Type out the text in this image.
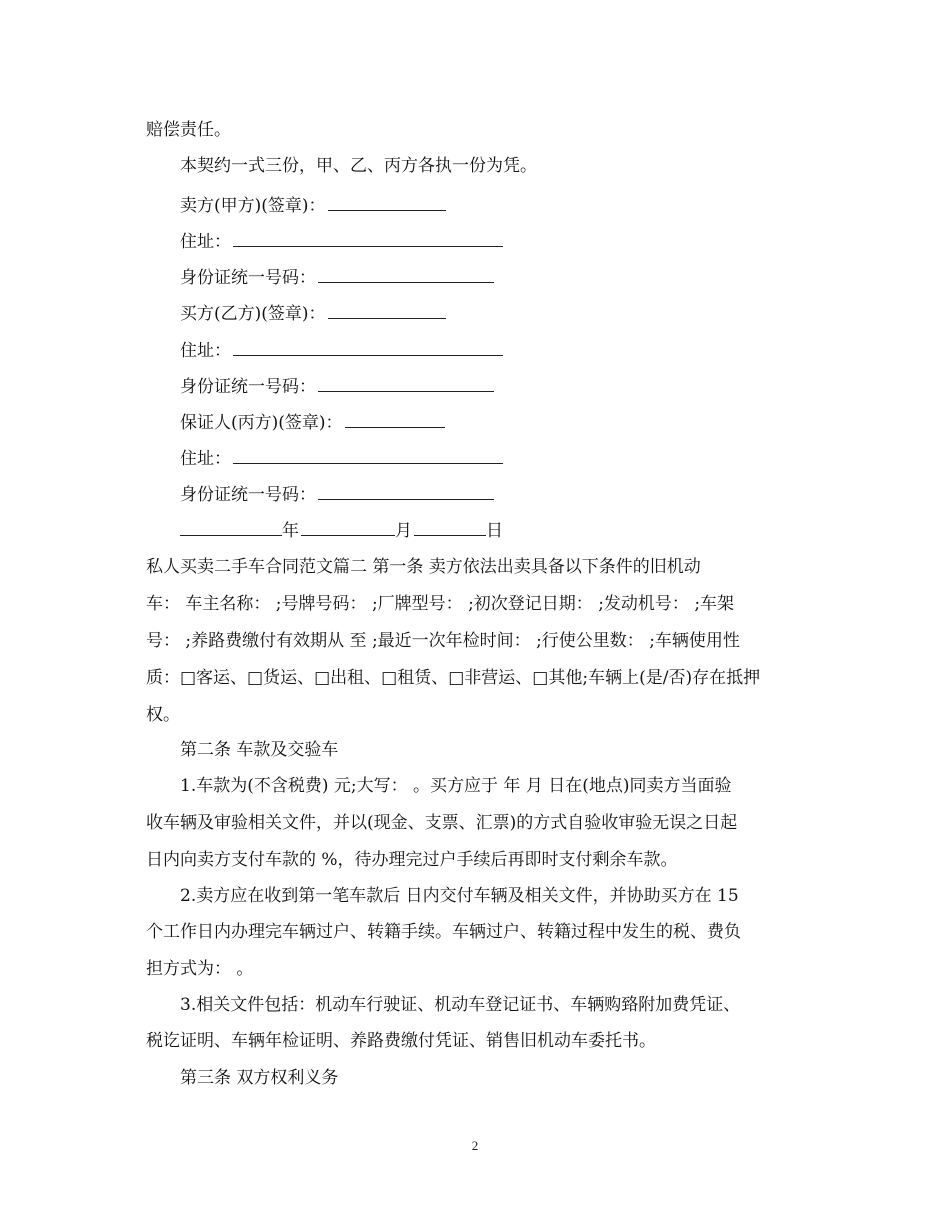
赔偿责任。
本契约一式三份，甲、乙、丙方各执一份为凭。
卖方(甲方)(签章)：
住址：
身份证统一号码：
买方(乙方)(签章)：
住址：
身份证统一号码：
保证人(丙方)(签章)：
住址：
身份证统一号码：
年	月	日
私人买卖二手车合同范文篇二 第一条 卖方依法出卖具备以下条件的旧机动
车： 车主名称： ;号牌号码： ;厂牌型号： ;初次登记日期： ;发动机号： ;车架
号： ;养路费缴付有效期从 至 ;最近一次年检时间： ;行使公里数： ;车辆使用性
质：□客运、□货运、□出租、□租赁、□非营运、□其他;车辆上(是/否)存在抵押
权。
第二条 车款及交验车
1.车款为(不含税费) 元;大写： 。买方应于 年 月 日在(地点)同卖方当面验
收车辆及审验相关文件，并以(现金、支票、汇票)的方式自验收审验无误之日起
日内向卖方支付车款的 %，待办理完过户手续后再即时支付剩余车款。
2.卖方应在收到第一笔车款后 日内交付车辆及相关文件，并协助买方在 15
个工作日内办理完车辆过户、转籍手续。车辆过户、转籍过程中发生的税、费负
担方式为： 。
3.相关文件包括：机动车行驶证、机动车登记证书、车辆购臵附加费凭证、
税讫证明、车辆年检证明、养路费缴付凭证、销售旧机动车委托书。
第三条 双方权利义务
2
